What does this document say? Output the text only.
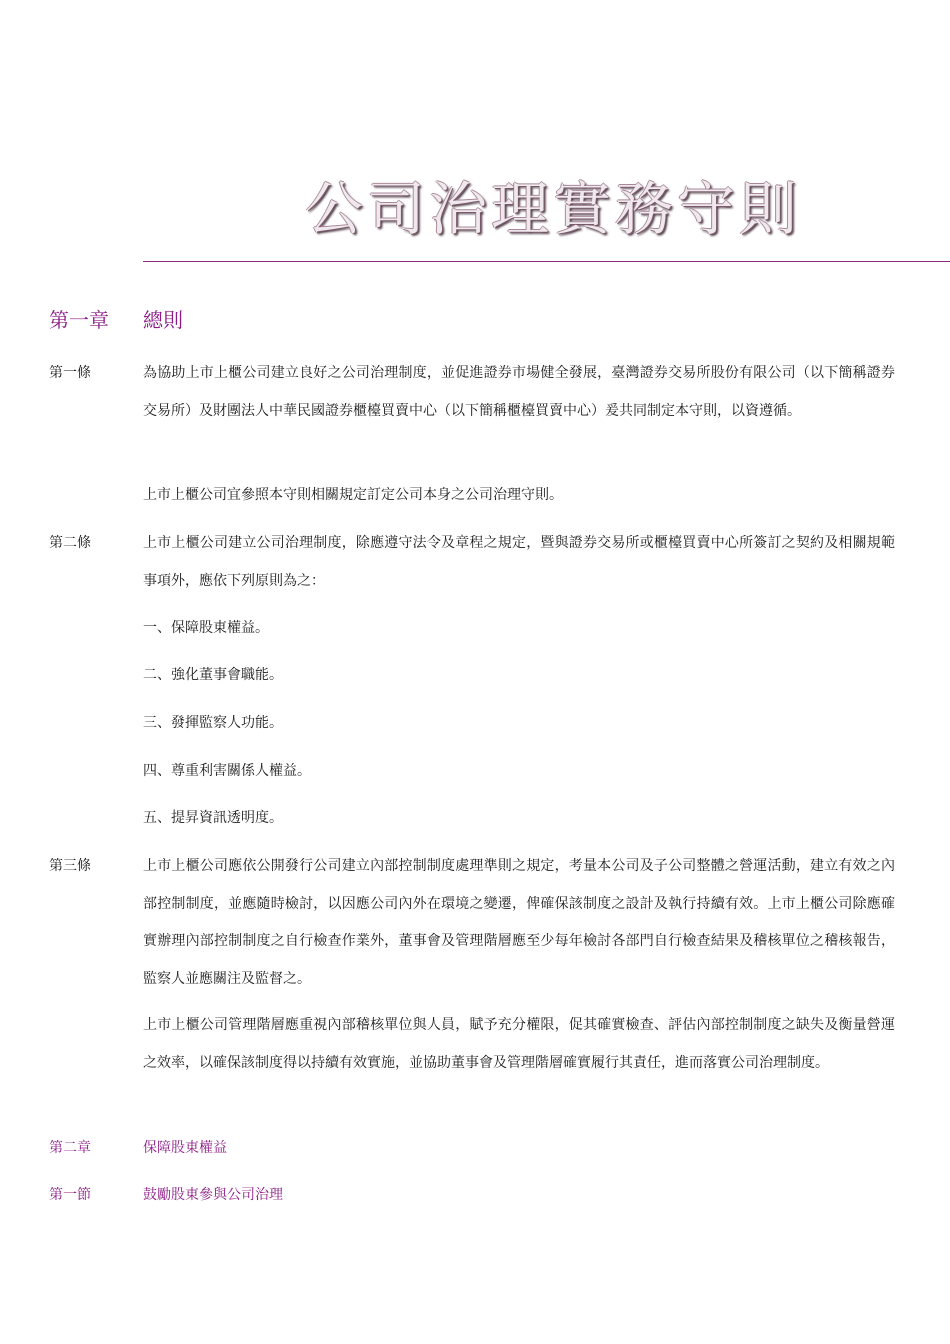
公司治理實務守則
第一章 總則
第一條	為協助上市上櫃公司建立良好之公司治理制度，並促進證券市場健全發展，臺灣證券交易所股份有限公司（以下簡稱證券交易所）及財團法人中華民國證券櫃檯買賣中心（以下簡稱櫃檯買賣中心）爰共同制定本守則，以資遵循。

上市上櫃公司宜參照本守則相關規定訂定公司本身之公司治理守則。

第二條	上市上櫃公司建立公司治理制度，除應遵守法令及章程之規定，暨與證券交易所或櫃檯買賣中心所簽訂之契約及相關規範事項外，應依下列原則為之：

一、保障股東權益。

二、強化董事會職能。

三、發揮監察人功能。

四、尊重利害關係人權益。

五、提昇資訊透明度。

第三條	上市上櫃公司應依公開發行公司建立內部控制制度處理準則之規定，考量本公司及子公司整體之營運活動，建立有效之內部控制制度，並應隨時檢討，以因應公司內外在環境之變遷，俾確保該制度之設計及執行持續有效。上市上櫃公司除應確實辦理內部控制制度之自行檢查作業外，董事會及管理階層應至少每年檢討各部門自行檢查結果及稽核單位之稽核報告，監察人並應關注及監督之。

上市上櫃公司管理階層應重視內部稽核單位與人員，賦予充分權限，促其確實檢查、評估內部控制制度之缺失及衡量營運之效率，以確保該制度得以持續有效實施，並協助董事會及管理階層確實履行其責任，進而落實公司治理制度。

第二章	保障股東權益
第一節	鼓勵股東參與公司治理
